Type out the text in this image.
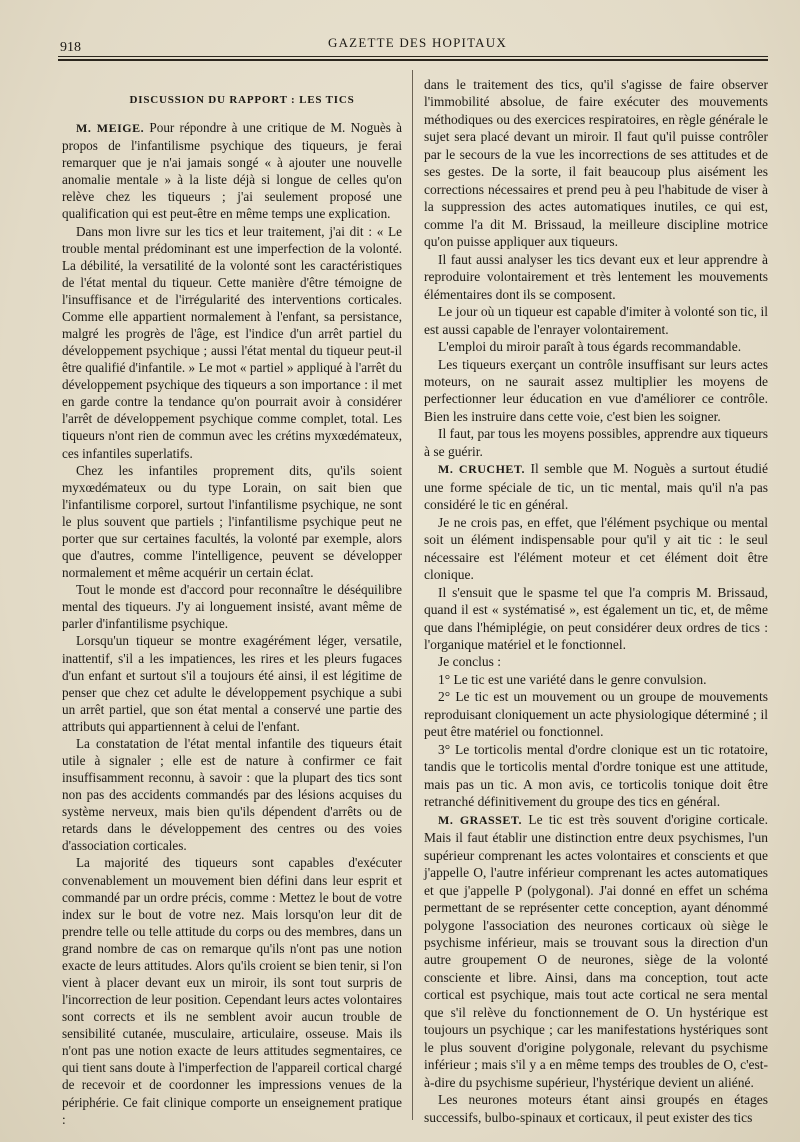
918	GAZETTE DES HOPITAUX
DISCUSSION DU RAPPORT : LES TICS

M. MEIGE. Pour répondre à une critique de M. Noguès à propos de l'infantilisme psychique des tiqueurs, je ferai remarquer que je n'ai jamais songé « à ajouter une nouvelle anomalie mentale » à la liste déjà si longue de celles qu'on relève chez les tiqueurs ; j'ai seulement proposé une qualification qui est peut-être en même temps une explication.

Dans mon livre sur les tics et leur traitement, j'ai dit : « Le trouble mental prédominant est une imperfection de la volonté. La débilité, la versatilité de la volonté sont les caractéristiques de l'état mental du tiqueur. Cette manière d'être témoigne de l'insuffisance et de l'irrégularité des interventions corticales. Comme elle appartient normalement à l'enfant, sa persistance, malgré les progrès de l'âge, est l'indice d'un arrêt partiel du développement psychique ; aussi l'état mental du tiqueur peut-il être qualifié d'infantile. » Le mot « partiel » appliqué à l'arrêt du développement psychique des tiqueurs a son importance : il met en garde contre la tendance qu'on pourrait avoir à considérer l'arrêt de développement psychique comme complet, total. Les tiqueurs n'ont rien de commun avec les crétins myxœdémateux, ces infantiles superlatifs.

Chez les infantiles proprement dits, qu'ils soient myxœdémateux ou du type Lorain, on sait bien que l'infantilisme corporel, surtout l'infantilisme psychique, ne sont le plus souvent que partiels ; l'infantilisme psychique peut ne porter que sur certaines facultés, la volonté par exemple, alors que d'autres, comme l'intelligence, peuvent se développer normalement et même acquérir un certain éclat.

Tout le monde est d'accord pour reconnaître le déséquilibre mental des tiqueurs. J'y ai longuement insisté, avant même de parler d'infantilisme psychique.

Lorsqu'un tiqueur se montre exagérément léger, versatile, inattentif, s'il a les impatiences, les rires et les pleurs fugaces d'un enfant et surtout s'il a toujours été ainsi, il est légitime de penser que chez cet adulte le développement psychique a subi un arrêt partiel, que son état mental a conservé une partie des attributs qui appartiennent à celui de l'enfant.

La constatation de l'état mental infantile des tiqueurs était utile à signaler ; elle est de nature à confirmer ce fait insuffisamment reconnu, à savoir : que la plupart des tics sont non pas des accidents commandés par des lésions acquises du système nerveux, mais bien qu'ils dépendent d'arrêts ou de retards dans le développement des centres ou des voies d'association corticales.

La majorité des tiqueurs sont capables d'exécuter convenablement un mouvement bien défini dans leur esprit et commandé par un ordre précis, comme : Mettez le bout de votre index sur le bout de votre nez. Mais lorsqu'on leur dit de prendre telle ou telle attitude du corps ou des membres, dans un grand nombre de cas on remarque qu'ils n'ont pas une notion exacte de leurs attitudes. Alors qu'ils croient se bien tenir, si l'on vient à placer devant eux un miroir, ils sont tout surpris de l'incorrection de leur position. Cependant leurs actes volontaires sont corrects et ils ne semblent avoir aucun trouble de sensibilité cutanée, musculaire, articulaire, osseuse. Mais ils n'ont pas une notion exacte de leurs attitudes segmentaires, ce qui tient sans doute à l'imperfection de l'appareil cortical chargé de recevoir et de coordonner les impressions venues de la périphérie. Ce fait clinique comporte un enseignement pratique :

dans le traitement des tics, qu'il s'agisse de faire observer l'immobilité absolue, de faire exécuter des mouvements méthodiques ou des exercices respiratoires, en règle générale le sujet sera placé devant un miroir. Il faut qu'il puisse contrôler par le secours de la vue les incorrections de ses attitudes et de ses gestes. De la sorte, il fait beaucoup plus aisément les corrections nécessaires et prend peu à peu l'habitude de viser à la suppression des actes automatiques inutiles, ce qui est, comme l'a dit M. Brissaud, la meilleure discipline motrice qu'on puisse appliquer aux tiqueurs.

Il faut aussi analyser les tics devant eux et leur apprendre à reproduire volontairement et très lentement les mouvements élémentaires dont ils se composent.

Le jour où un tiqueur est capable d'imiter à volonté son tic, il est aussi capable de l'enrayer volontairement.

L'emploi du miroir paraît à tous égards recommandable.

Les tiqueurs exerçant un contrôle insuffisant sur leurs actes moteurs, on ne saurait assez multiplier les moyens de perfectionner leur éducation en vue d'améliorer ce contrôle. Bien les instruire dans cette voie, c'est bien les soigner.

Il faut, par tous les moyens possibles, apprendre aux tiqueurs à se guérir.

M. CRUCHET. Il semble que M. Noguès a surtout étudié une forme spéciale de tic, un tic mental, mais qu'il n'a pas considéré le tic en général.

Je ne crois pas, en effet, que l'élément psychique ou mental soit un élément indispensable pour qu'il y ait tic : le seul nécessaire est l'élément moteur et cet élément doit être clonique.

Il s'ensuit que le spasme tel que l'a compris M. Brissaud, quand il est « systématisé », est également un tic, et, de même que dans l'hémiplégie, on peut considérer deux ordres de tics : l'organique matériel et le fonctionnel.

Je conclus :

1° Le tic est une variété dans le genre convulsion.

2° Le tic est un mouvement ou un groupe de mouvements reproduisant cloniquement un acte physiologique déterminé ; il peut être matériel ou fonctionnel.

3° Le torticolis mental d'ordre clonique est un tic rotatoire, tandis que le torticolis mental d'ordre tonique est une attitude, mais pas un tic. A mon avis, ce torticolis tonique doit être retranché définitivement du groupe des tics en général.

M. GRASSET. Le tic est très souvent d'origine corticale. Mais il faut établir une distinction entre deux psychismes, l'un supérieur comprenant les actes volontaires et conscients et que j'appelle O, l'autre inférieur comprenant les actes automatiques et que j'appelle P (polygonal). J'ai donné en effet un schéma permettant de se représenter cette conception, ayant dénommé polygone l'association des neurones corticaux où siège le psychisme inférieur, mais se trouvant sous la direction d'un autre groupement O de neurones, siège de la volonté consciente et libre. Ainsi, dans ma conception, tout acte cortical est psychique, mais tout acte cortical ne sera mental que s'il relève du fonctionnement de O. Un hystérique est toujours un psychique ; car les manifestations hystériques sont le plus souvent d'origine polygonale, relevant du psychisme inférieur ; mais s'il y a en même temps des troubles de O, c'est-à-dire du psychisme supérieur, l'hystérique devient un aliéné.

Les neurones moteurs étant ainsi groupés en étages successifs, bulbo-spinaux et corticaux, il peut exister des tics
